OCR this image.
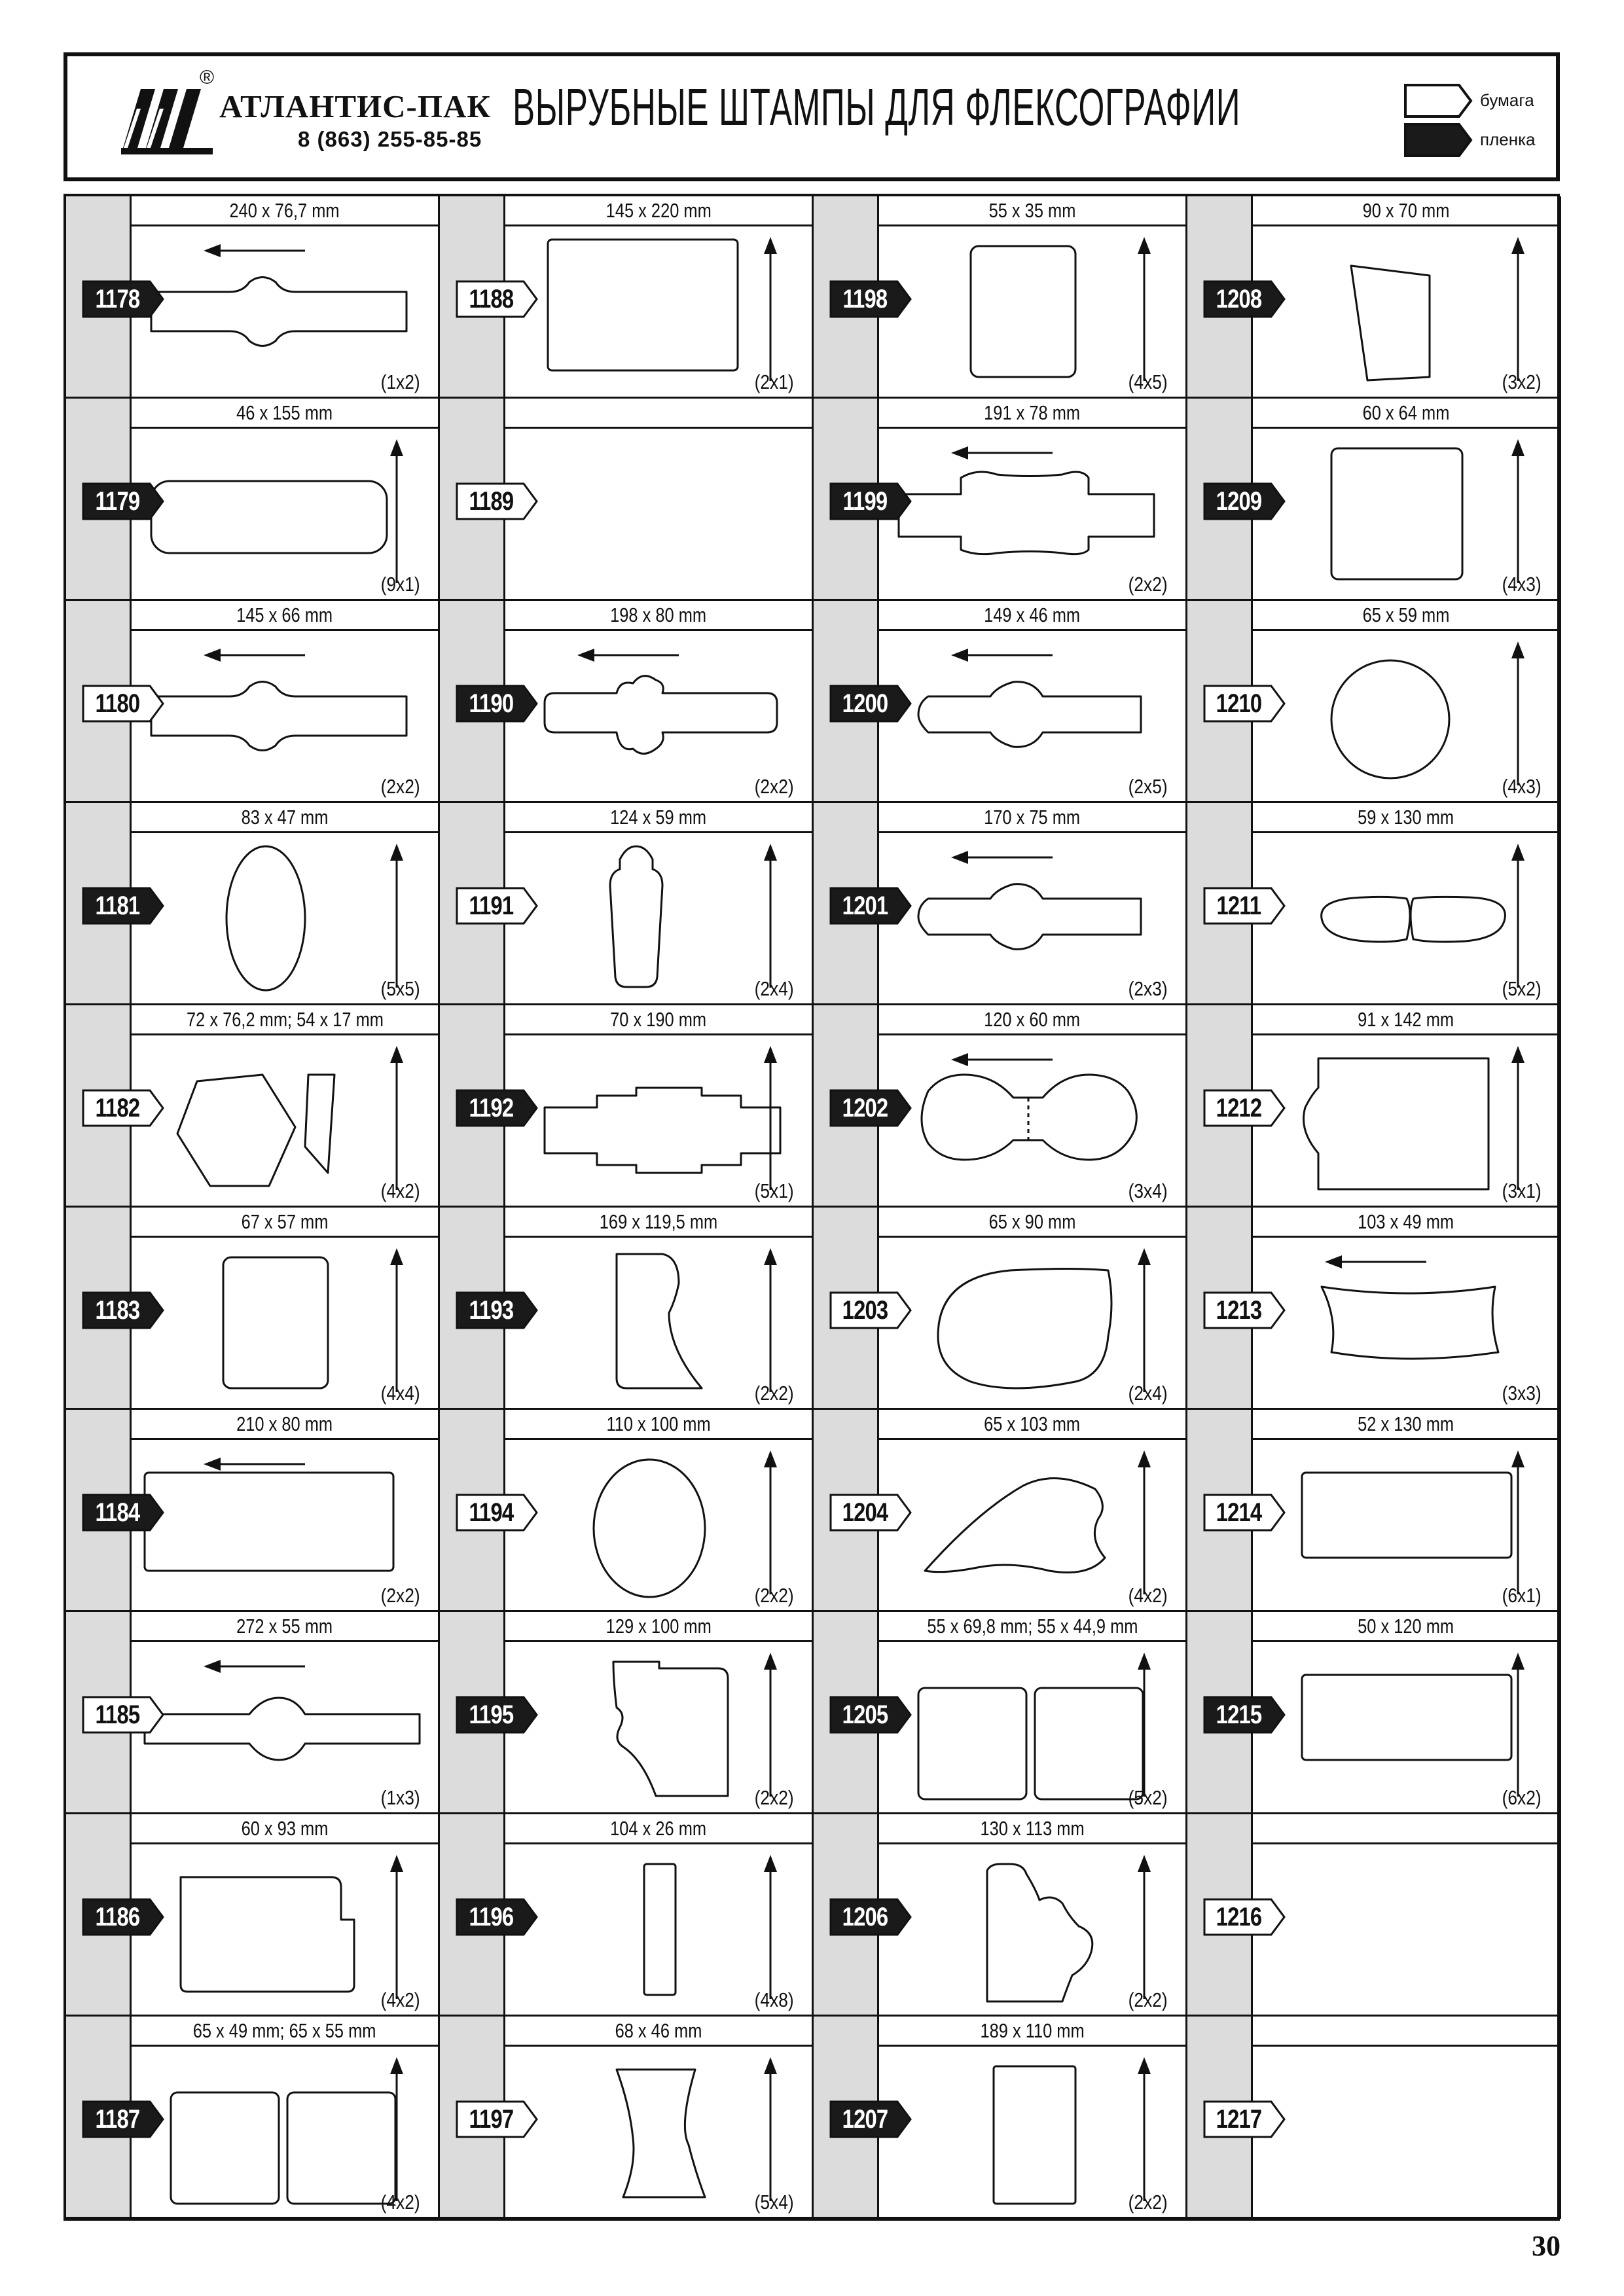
®
АТЛАНТИС-ПАК
8 (863) 255-85-85
ВЫРУБНЫЕ ШТАМПЫ ДЛЯ ФЛЕКСОГРАФИИ	бумага
пленка
240 x 76,7 mm
(1x2)
1178
46 x 155 mm
(9x1)
1179
145 x 66 mm
(2x2)
1180
83 x 47 mm
(5x5)
1181
72 x 76,2 mm; 54 x 17 mm
(4x2)
1182
67 x 57 mm
(4x4)
1183
210 x 80 mm
(2x2)
1184
272 x 55 mm
(1x3)
1185
60 x 93 mm
(4x2)
1186
65 x 49 mm; 65 x 55 mm
(4x2)
1187
145 x 220 mm
(2x1)
1188
1189
198 x 80 mm
(2x2)
1190
124 x 59 mm
(2x4)
1191
70 x 190 mm
(5x1)
1192
169 x 119,5 mm
(2x2)
1193
110 x 100 mm
(2x2)
1194
129 x 100 mm
(2x2)
1195
104 x 26 mm
(4x8)
1196
68 x 46 mm
(5x4)
1197
55 x 35 mm
(4x5)
1198
191 x 78 mm
(2x2)
1199
149 x 46 mm
(2x5)
1200
170 x 75 mm
(2x3)
1201
120 x 60 mm
(3x4)
1202
65 x 90 mm
(2x4)
1203
65 x 103 mm
(4x2)
1204
55 x 69,8 mm; 55 x 44,9 mm
(5x2)
1205
130 x 113 mm
(2x2)
1206
189 x 110 mm
(2x2)
1207
90 x 70 mm
(3x2)
1208
60 x 64 mm
(4x3)
1209
65 x 59 mm
(4x3)
1210
59 x 130 mm
(5x2)
1211
91 x 142 mm
(3x1)
1212
103 x 49 mm
(3x3)
1213
52 x 130 mm
(6x1)
1214
50 x 120 mm
(6x2)
1215
1216
1217
30
